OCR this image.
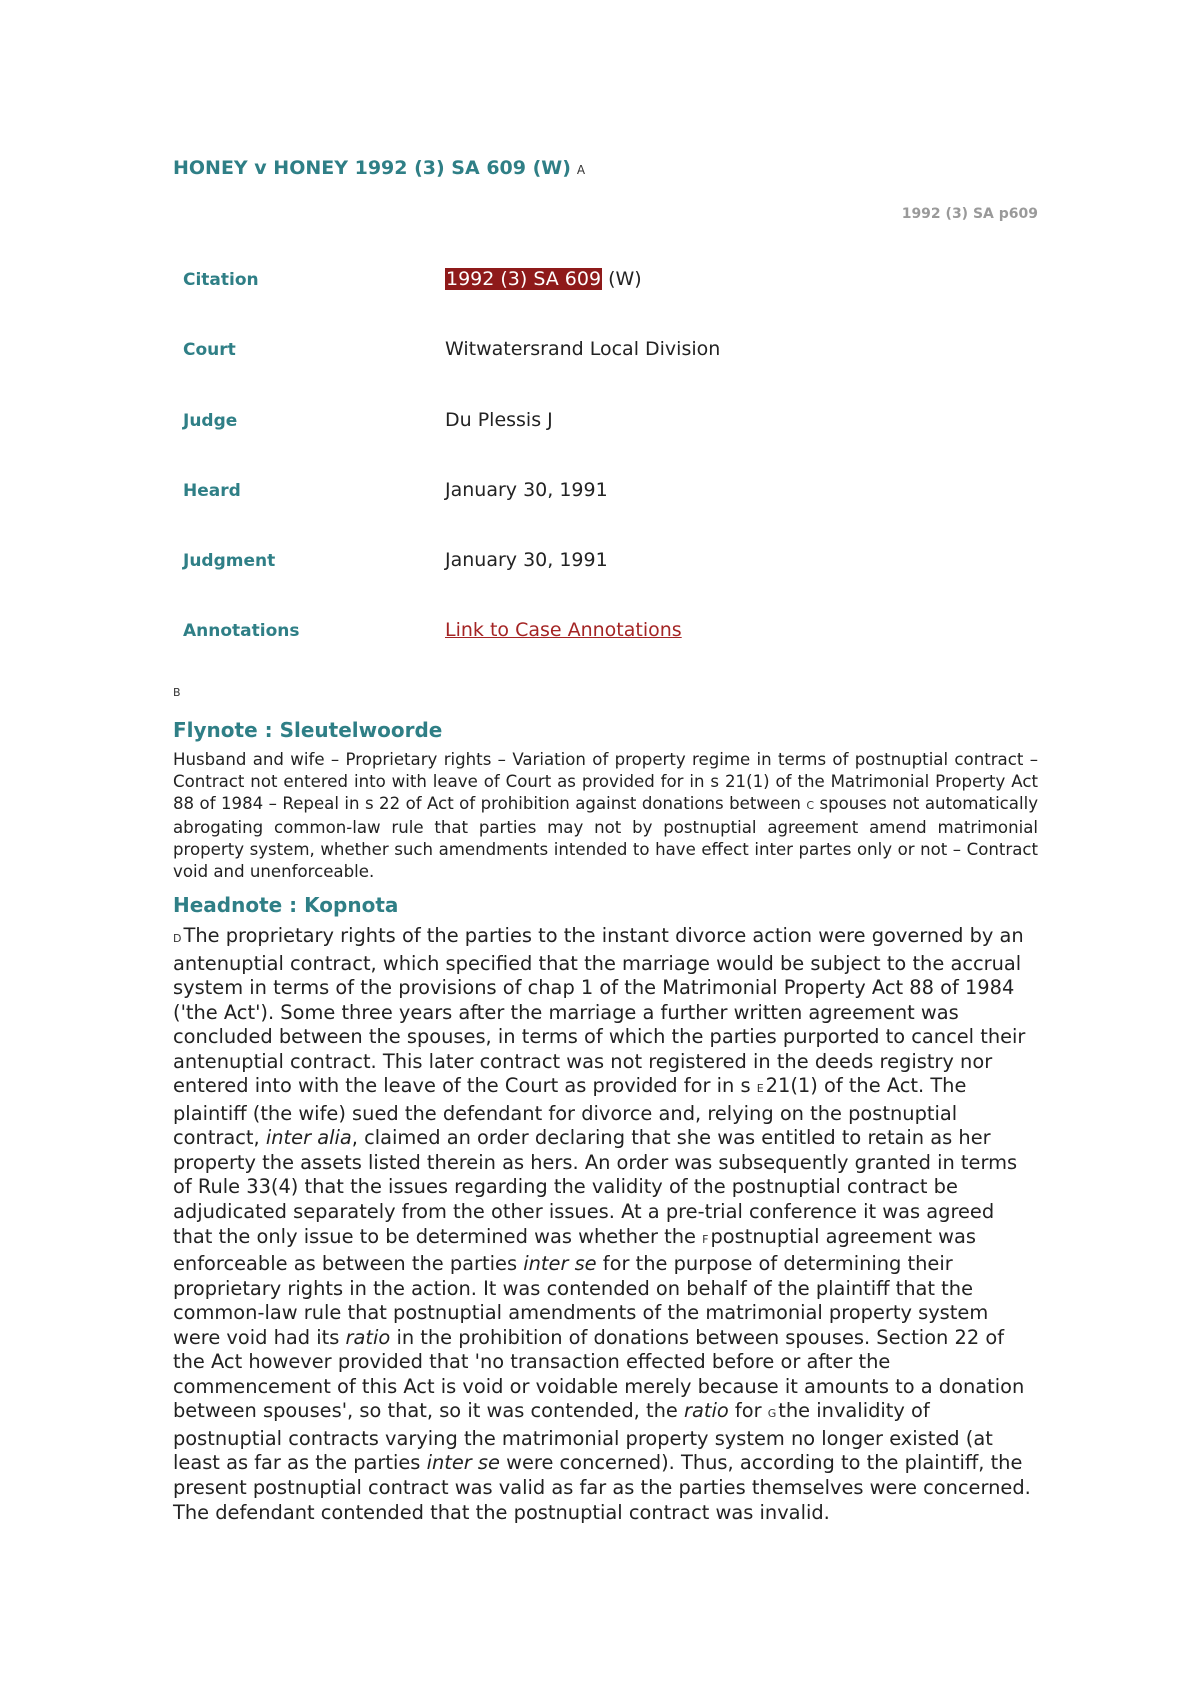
HONEY v HONEY 1992 (3) SA 609 (W) A
1992 (3) SA p609
Citation	1992 (3) SA 609 (W)
Court	Witwatersrand Local Division
Judge	Du Plessis J
Heard	January 30, 1991
Judgment	January 30, 1991
Annotations	Link to Case Annotations
B
Flynote : Sleutelwoorde
Husband and wife – Proprietary rights – Variation of property regime in terms of postnuptial contract – Contract not entered into with leave of Court as provided for in s 21(1) of the Matrimonial Property Act 88 of 1984 – Repeal in s 22 of Act of prohibition against donations between C spouses not automatically abrogating common-law rule that parties may not by postnuptial agreement amend matrimonial property system, whether such amendments intended to have effect inter partes only or not – Contract void and unenforceable.
Headnote : Kopnota
D The proprietary rights of the parties to the instant divorce action were governed by an antenuptial contract, which specified that the marriage would be subject to the accrual system in terms of the provisions of chap 1 of the Matrimonial Property Act 88 of 1984 ('the Act'). Some three years after the marriage a further written agreement was concluded between the spouses, in terms of which the parties purported to cancel their antenuptial contract. This later contract was not registered in the deeds registry nor entered into with the leave of the Court as provided for in s E 21(1) of the Act. The plaintiff (the wife) sued the defendant for divorce and, relying on the postnuptial contract, inter alia, claimed an order declaring that she was entitled to retain as her property the assets listed therein as hers. An order was subsequently granted in terms of Rule 33(4) that the issues regarding the validity of the postnuptial contract be adjudicated separately from the other issues. At a pre-trial conference it was agreed that the only issue to be determined was whether the F postnuptial agreement was enforceable as between the parties inter se for the purpose of determining their proprietary rights in the action. It was contended on behalf of the plaintiff that the common-law rule that postnuptial amendments of the matrimonial property system were void had its ratio in the prohibition of donations between spouses. Section 22 of the Act however provided that 'no transaction effected before or after the commencement of this Act is void or voidable merely because it amounts to a donation between spouses', so that, so it was contended, the ratio for G the invalidity of postnuptial contracts varying the matrimonial property system no longer existed (at least as far as the parties inter se were concerned). Thus, according to the plaintiff, the present postnuptial contract was valid as far as the parties themselves were concerned. The defendant contended that the postnuptial contract was invalid.
